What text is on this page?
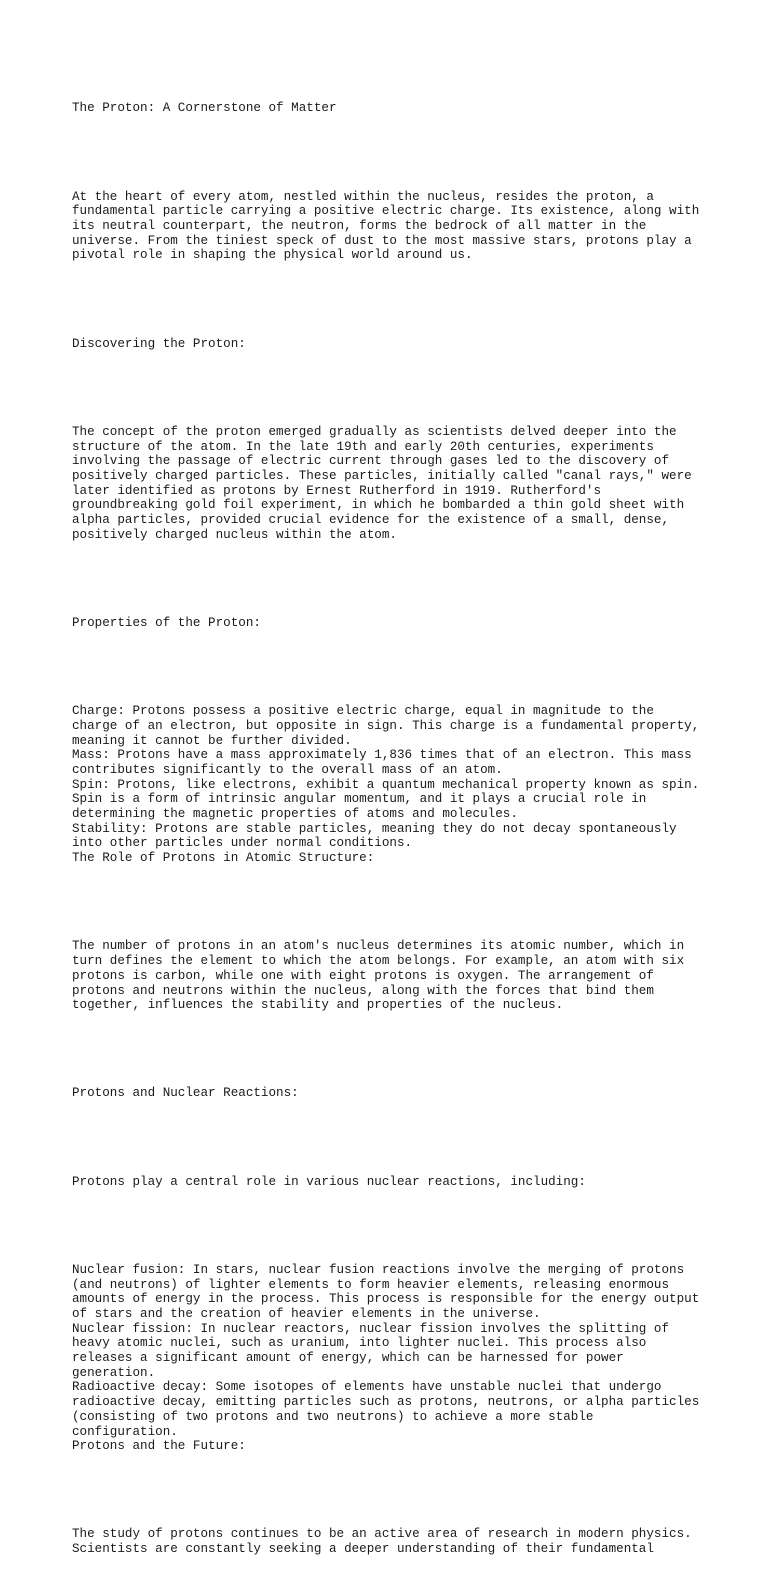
The Proton: A Cornerstone of Matter

At the heart of every atom, nestled within the nucleus, resides the proton, a
fundamental particle carrying a positive electric charge. Its existence, along with
its neutral counterpart, the neutron, forms the bedrock of all matter in the
universe. From the tiniest speck of dust to the most massive stars, protons play a
pivotal role in shaping the physical world around us.

Discovering the Proton:

The concept of the proton emerged gradually as scientists delved deeper into the
structure of the atom. In the late 19th and early 20th centuries, experiments
involving the passage of electric current through gases led to the discovery of
positively charged particles. These particles, initially called "canal rays," were
later identified as protons by Ernest Rutherford in 1919. Rutherford's
groundbreaking gold foil experiment, in which he bombarded a thin gold sheet with
alpha particles, provided crucial evidence for the existence of a small, dense,
positively charged nucleus within the atom.

Properties of the Proton:

Charge: Protons possess a positive electric charge, equal in magnitude to the
charge of an electron, but opposite in sign. This charge is a fundamental property,
meaning it cannot be further divided.
Mass: Protons have a mass approximately 1,836 times that of an electron. This mass
contributes significantly to the overall mass of an atom.
Spin: Protons, like electrons, exhibit a quantum mechanical property known as spin.
Spin is a form of intrinsic angular momentum, and it plays a crucial role in
determining the magnetic properties of atoms and molecules.
Stability: Protons are stable particles, meaning they do not decay spontaneously
into other particles under normal conditions.
The Role of Protons in Atomic Structure:

The number of protons in an atom's nucleus determines its atomic number, which in
turn defines the element to which the atom belongs. For example, an atom with six
protons is carbon, while one with eight protons is oxygen. The arrangement of
protons and neutrons within the nucleus, along with the forces that bind them
together, influences the stability and properties of the nucleus.

Protons and Nuclear Reactions:

Protons play a central role in various nuclear reactions, including:

Nuclear fusion: In stars, nuclear fusion reactions involve the merging of protons
(and neutrons) of lighter elements to form heavier elements, releasing enormous
amounts of energy in the process. This process is responsible for the energy output
of stars and the creation of heavier elements in the universe.
Nuclear fission: In nuclear reactors, nuclear fission involves the splitting of
heavy atomic nuclei, such as uranium, into lighter nuclei. This process also
releases a significant amount of energy, which can be harnessed for power
generation.
Radioactive decay: Some isotopes of elements have unstable nuclei that undergo
radioactive decay, emitting particles such as protons, neutrons, or alpha particles
(consisting of two protons and two neutrons) to achieve a more stable
configuration.
Protons and the Future:

The study of protons continues to be an active area of research in modern physics.
Scientists are constantly seeking a deeper understanding of their fundamental
